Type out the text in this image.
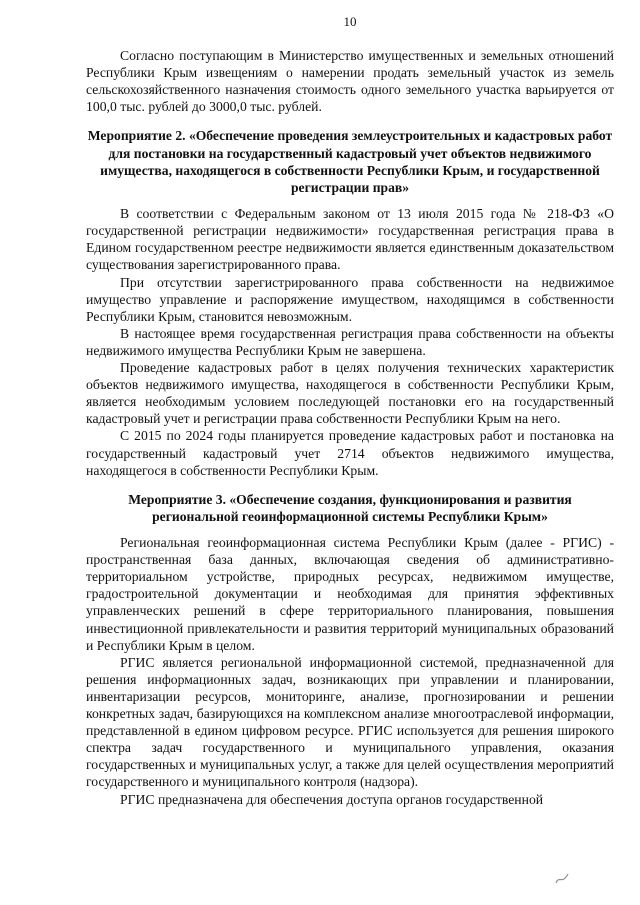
10

Согласно поступающим в Министерство имущественных и земельных отношений Республики Крым извещениям о намерении продать земельный участок из земель сельскохозяйственного назначения стоимость одного земельного участка варьируется от 100,0 тыс. рублей до 3000,0 тыс. рублей.

Мероприятие 2. «Обеспечение проведения землеустроительных и кадастровых работ для постановки на государственный кадастровый учет объектов недвижимого имущества, находящегося в собственности Республики Крым, и государственной регистрации прав»

В соответствии с Федеральным законом от 13 июля 2015 года № 218-ФЗ «О государственной регистрации недвижимости» государственная регистрация права в Едином государственном реестре недвижимости является единственным доказательством существования зарегистрированного права.

При отсутствии зарегистрированного права собственности на недвижимое имущество управление и распоряжение имуществом, находящимся в собственности Республики Крым, становится невозможным.

В настоящее время государственная регистрация права собственности на объекты недвижимого имущества Республики Крым не завершена.

Проведение кадастровых работ в целях получения технических характеристик объектов недвижимого имущества, находящегося в собственности Республики Крым, является необходимым условием последующей постановки его на государственный кадастровый учет и регистрации права собственности Республики Крым на него.

С 2015 по 2024 годы планируется проведение кадастровых работ и постановка на государственный кадастровый учет 2714 объектов недвижимого имущества, находящегося в собственности Республики Крым.

Мероприятие 3. «Обеспечение создания, функционирования и развития региональной геоинформационной системы Республики Крым»

Региональная геоинформационная система Республики Крым (далее - РГИС) - пространственная база данных, включающая сведения об административно-территориальном устройстве, природных ресурсах, недвижимом имуществе, градостроительной документации и необходимая для принятия эффективных управленческих решений в сфере территориального планирования, повышения инвестиционной привлекательности и развития территорий муниципальных образований и Республики Крым в целом.

РГИС является региональной информационной системой, предназначенной для решения информационных задач, возникающих при управлении и планировании, инвентаризации ресурсов, мониторинге, анализе, прогнозировании и решении конкретных задач, базирующихся на комплексном анализе многоотраслевой информации, представленной в едином цифровом ресурсе. РГИС используется для решения широкого спектра задач государственного и муниципального управления, оказания государственных и муниципальных услуг, а также для целей осуществления мероприятий государственного и муниципального контроля (надзора).

РГИС предназначена для обеспечения доступа органов государственной
